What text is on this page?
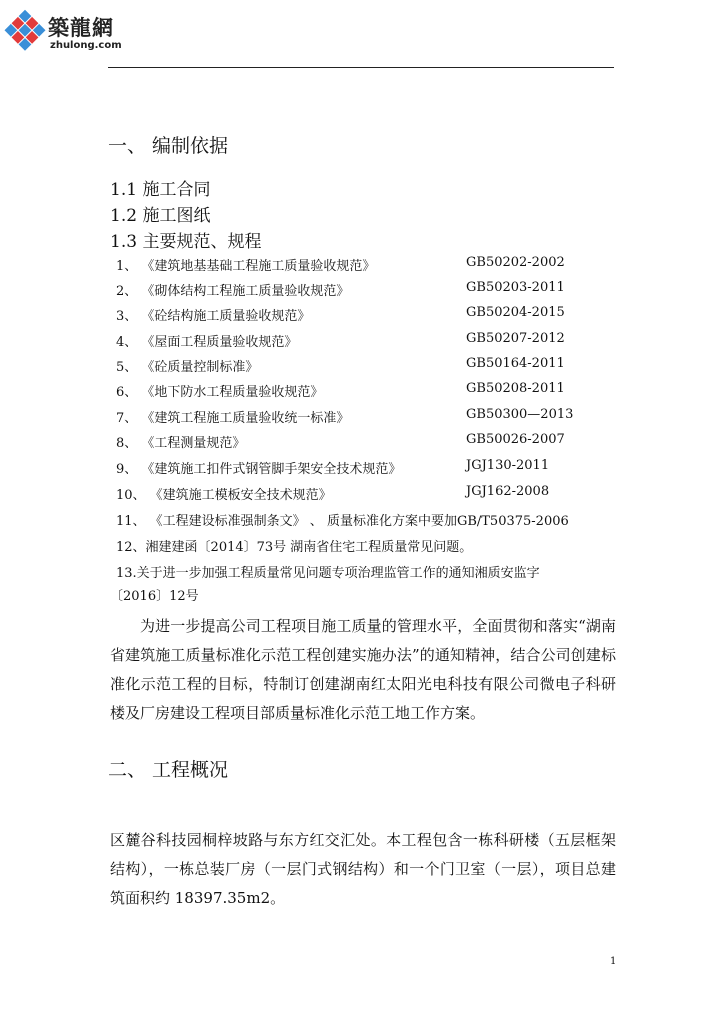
築龍網
zhulong.com
一、 编制依据
1.1 施工合同
1.2 施工图纸
1.3 主要规范、规程
1、 《建筑地基基础工程施工质量验收规范》	GB50202-2002
2、 《砌体结构工程施工质量验收规范》	GB50203-2011
3、 《砼结构施工质量验收规范》	GB50204-2015
4、 《屋面工程质量验收规范》	GB50207-2012
5、 《砼质量控制标准》	GB50164-2011
6、 《地下防水工程质量验收规范》	GB50208-2011
7、 《建筑工程施工质量验收统一标准》	GB50300—2013
8、 《工程测量规范》	GB50026-2007
9、 《建筑施工扣件式钢管脚手架安全技术规范》	JGJ130-2011
10、 《建筑施工模板安全技术规范》	JGJ162-2008
11、 《工程建设标准强制条文》 、 质量标准化方案中要加GB/T50375-2006
12、湘建建函〔2014〕73号 湖南省住宅工程质量常见问题。
13.关于进一步加强工程质量常见问题专项治理监管工作的通知湘质安监字
〔2016〕12号
为进一步提高公司工程项目施工质量的管理水平，全面贯彻和落实“湖南省建筑施工质量标准化示范工程创建实施办法”的通知精神，结合公司创建标准化示范工程的目标，特制订创建湖南红太阳光电科技有限公司微电子科研楼及厂房建设工程项目部质量标准化示范工地工作方案。
二、 工程概况
区麓谷科技园桐梓坡路与东方红交汇处。本工程包含一栋科研楼（五层框架结构），一栋总装厂房（一层门式钢结构）和一个门卫室（一层），项目总建筑面积约 18397.35m2。
1
